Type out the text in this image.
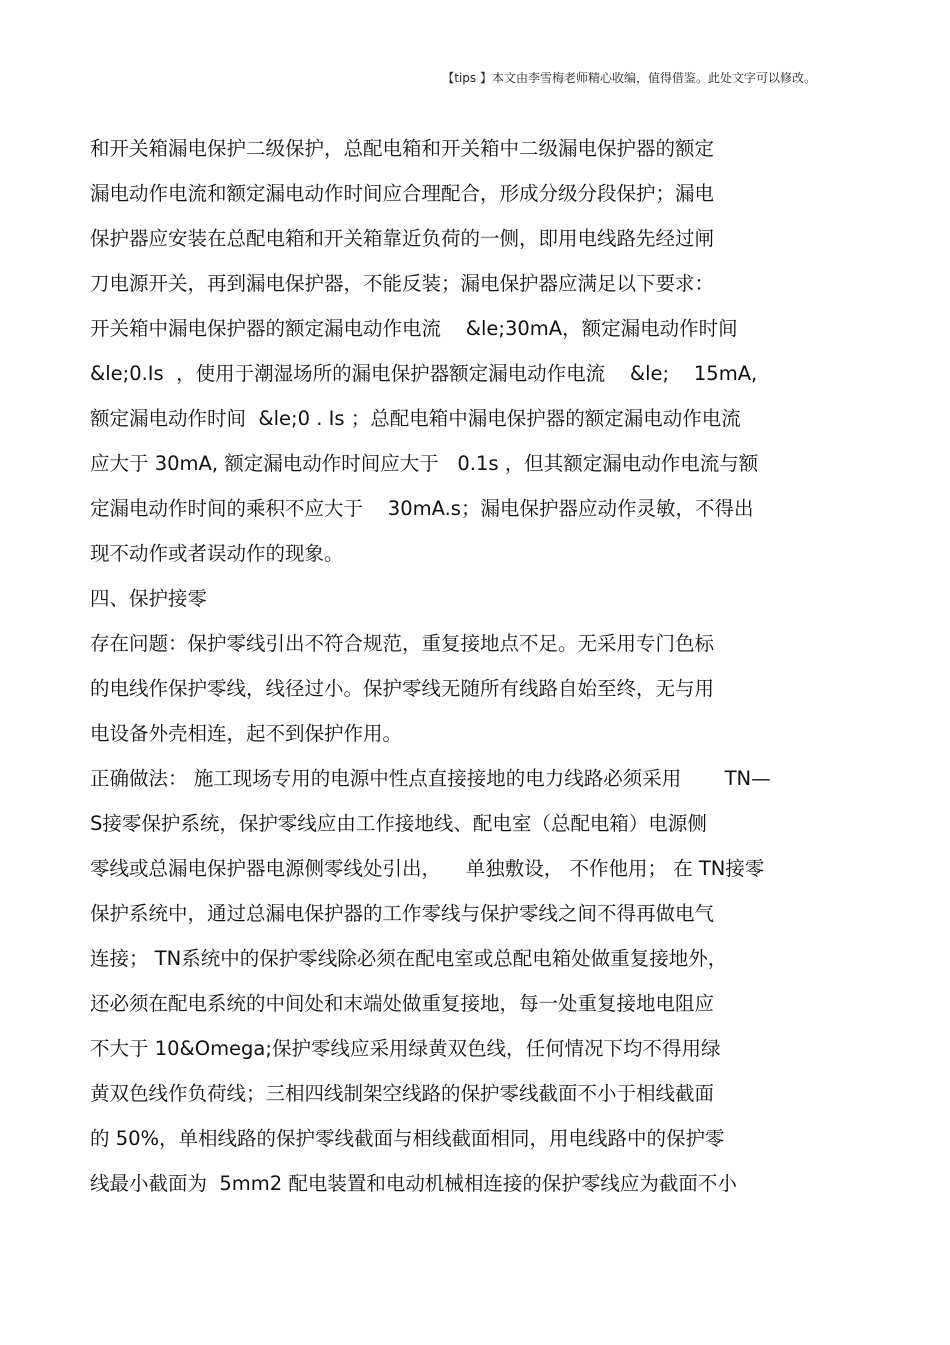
【tips 】本文由李雪梅老师精心收编，值得借鉴。此处文字可以修改。
和开关箱漏电保护二级保护，总配电箱和开关箱中二级漏电保护器的额定
漏电动作电流和额定漏电动作时间应合理配合，形成分级分段保护；漏电
保护器应安装在总配电箱和开关箱靠近负荷的一侧，即用电线路先经过闸
刀电源开关，再到漏电保护器，不能反装；漏电保护器应满足以下要求：
开关箱中漏电保护器的额定漏电动作电流    &le;30mA，额定漏电动作时间
&le;0.Is  ，使用于潮湿场所的漏电保护器额定漏电动作电流    &le;    15mA,
额定漏电动作时间  &le;0 . Is ；总配电箱中漏电保护器的额定漏电动作电流
应大于 30mA, 额定漏电动作时间应大于   0.1s ，但其额定漏电动作电流与额
定漏电动作时间的乘积不应大于    30mA.s；漏电保护器应动作灵敏，不得出
现不动作或者误动作的现象。
四、保护接零
存在问题：保护零线引出不符合规范，重复接地点不足。无采用专门色标
的电线作保护零线，线径过小。保护零线无随所有线路自始至终，无与用
电设备外壳相连，起不到保护作用。
正确做法： 施工现场专用的电源中性点直接接地的电力线路必须采用       TN—
S接零保护系统，保护零线应由工作接地线、配电室（总配电箱）电源侧
零线或总漏电保护器电源侧零线处引出，    单独敷设， 不作他用； 在 TN接零
保护系统中，通过总漏电保护器的工作零线与保护零线之间不得再做电气
连接； TN系统中的保护零线除必须在配电室或总配电箱处做重复接地外，
还必须在配电系统的中间处和末端处做重复接地，每一处重复接地电阻应
不大于 10&Omega;保护零线应采用绿黄双色线，任何情况下均不得用绿
黄双色线作负荷线；三相四线制架空线路的保护零线截面不小于相线截面
的 50%，单相线路的保护零线截面与相线截面相同，用电线路中的保护零
线最小截面为  5mm2 配电装置和电动机械相连接的保护零线应为截面不小
